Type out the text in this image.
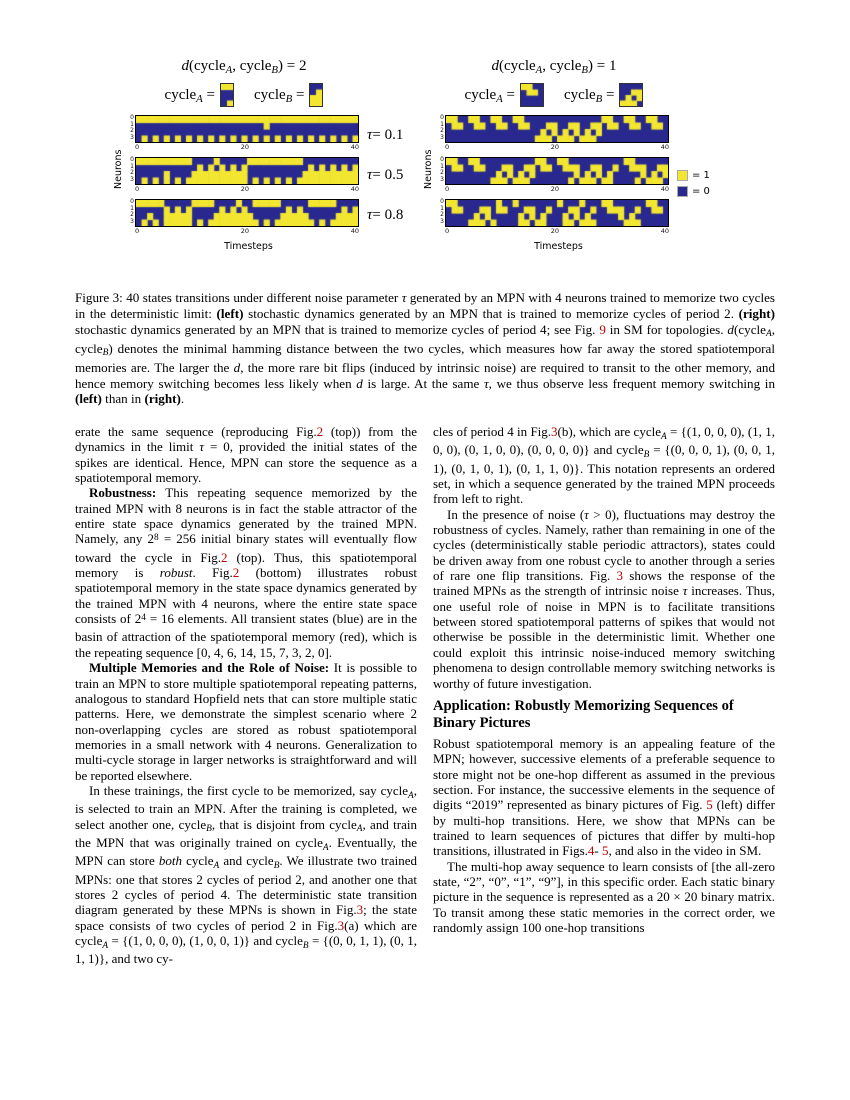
Neurons
d(cycle$_A$, cycle$_B$) = 2
cycle$_A$ =	cycle$_B$ =
0
1
2
3
0	20	40
0
1
2
3
0	20	40
0
1
2
3
0	20	40
Timesteps
τ = 0.1
τ = 0.5
τ = 0.8
Neurons
d(cycle$_A$, cycle$_B$) = 1
cycle$_A$ =	cycle$_B$ =
0
1
2
3
0	20	40
0
1
2
3
0	20	40
0
1
2
3
0	20	40
Timesteps
= 1
= 0
Figure 3: 40 states transitions under different noise parameter τ generated by an MPN with 4 neurons trained to memorize two cycles in the deterministic limit: (left) stochastic dynamics generated by an MPN that is trained to memorize cycles of period 2. (right) stochastic dynamics generated by an MPN that is trained to memorize cycles of period 4; see Fig. 9 in SM for topologies. d(cycle$_A$, cycle$_B$) denotes the minimal hamming distance between the two cycles, which measures how far away the stored spatiotemporal memories are. The larger the d, the more rare bit flips (induced by intrinsic noise) are required to transit to the other memory, and hence memory switching becomes less likely when d is large. At the same τ, we thus observe less frequent memory switching in (left) than in (right).

erate the same sequence (reproducing Fig.2 (top)) from the dynamics in the limit τ = 0, provided the initial states of the spikes are identical. Hence, MPN can store the sequence as a spatiotemporal memory.

Robustness: This repeating sequence memorized by the trained MPN with 8 neurons is in fact the stable attractor of the entire state space dynamics generated by the trained MPN. Namely, any $2^8 = 256$ initial binary states will eventually flow toward the cycle in Fig.2 (top). Thus, this spatiotemporal memory is robust. Fig.2 (bottom) illustrates robust spatiotemporal memory in the state space dynamics generated by the trained MPN with 4 neurons, where the entire state space consists of $2^4 = 16$ elements. All transient states (blue) are in the basin of attraction of the spatiotemporal memory (red), which is the repeating sequence [0, 4, 6, 14, 15, 7, 3, 2, 0].

Multiple Memories and the Role of Noise: It is possible to train an MPN to store multiple spatiotemporal repeating patterns, analogous to standard Hopfield nets that can store multiple static patterns. Here, we demonstrate the simplest scenario where 2 non-overlapping cycles are stored as robust spatiotemporal memories in a small network with 4 neurons. Generalization to multi-cycle storage in larger networks is straightforward and will be reported elsewhere.

In these trainings, the first cycle to be memorized, say cycle$_A$, is selected to train an MPN. After the training is completed, we select another one, cycle$_B$, that is disjoint from cycle$_A$, and train the MPN that was originally trained on cycle$_A$. Eventually, the MPN can store both cycle$_A$ and cycle$_B$. We illustrate two trained MPNs: one that stores 2 cycles of period 2, and another one that stores 2 cycles of period 4. The deterministic state transition diagram generated by these MPNs is shown in Fig.3; the state space consists of two cycles of period 2 in Fig.3(a) which are cycle$_A$ = {(1, 0, 0, 0), (1, 0, 0, 1)} and cycle$_B$ = {(0, 0, 1, 1), (0, 1, 1, 1)}, and two cy-

cles of period 4 in Fig.3(b), which are cycle$_A$ = {(1, 0, 0, 0), (1, 1, 0, 0), (0, 1, 0, 0), (0, 0, 0, 0)} and cycle$_B$ = {(0, 0, 0, 1), (0, 0, 1, 1), (0, 1, 0, 1), (0, 1, 1, 0)}. This notation represents an ordered set, in which a sequence generated by the trained MPN proceeds from left to right.

In the presence of noise (τ > 0), fluctuations may destroy the robustness of cycles. Namely, rather than remaining in one of the cycles (deterministically stable periodic attractors), states could be driven away from one robust cycle to another through a series of rare one flip transitions. Fig. 3 shows the response of the trained MPNs as the strength of intrinsic noise τ increases. Thus, one useful role of noise in MPN is to facilitate transitions between stored spatiotemporal patterns of spikes that would not otherwise be possible in the deterministic limit. Whether one could exploit this intrinsic noise-induced memory switching phenomena to design controllable memory switching networks is worthy of future investigation.

Application: Robustly Memorizing Sequences of Binary Pictures

Robust spatiotemporal memory is an appealing feature of the MPN; however, successive elements of a preferable sequence to store might not be one-hop different as assumed in the previous section. For instance, the successive elements in the sequence of digits “2019” represented as binary pictures of Fig. 5 (left) differ by multi-hop transitions. Here, we show that MPNs can be trained to learn sequences of pictures that differ by multi-hop transitions, illustrated in Figs.4- 5, and also in the video in SM.

The multi-hop away sequence to learn consists of [the all-zero state, “2”, “0”, “1”, “9”], in this specific order. Each static binary picture in the sequence is represented as a 20 × 20 binary matrix. To transit among these static memories in the correct order, we randomly assign 100 one-hop transitions
